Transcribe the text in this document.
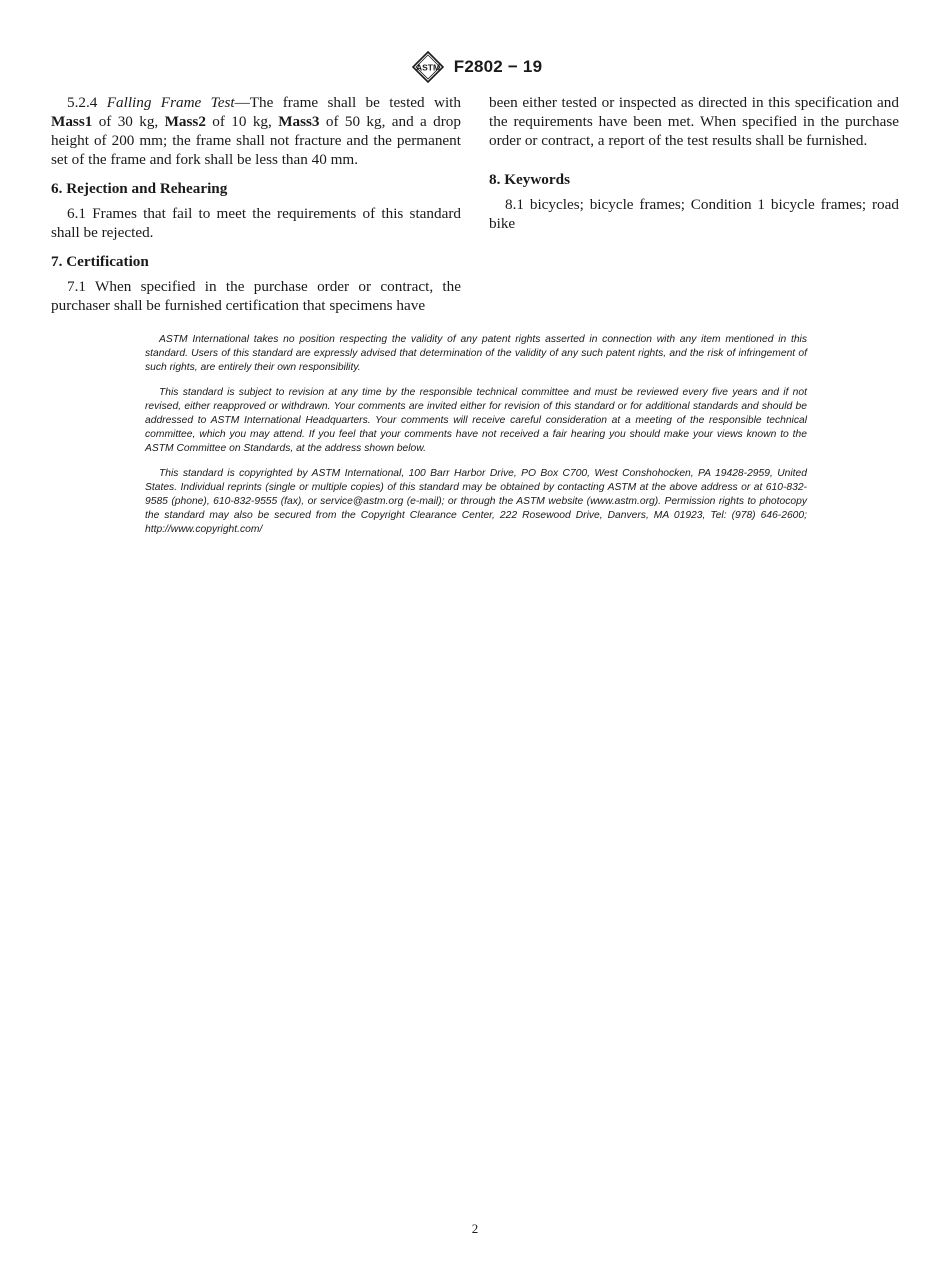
ASTM F2802 − 19

5.2.4 Falling Frame Test—The frame shall be tested with Mass1 of 30 kg, Mass2 of 10 kg, Mass3 of 50 kg, and a drop height of 200 mm; the frame shall not fracture and the permanent set of the frame and fork shall be less than 40 mm.

6. Rejection and Rehearing

6.1 Frames that fail to meet the requirements of this standard shall be rejected.

7. Certification

7.1 When specified in the purchase order or contract, the purchaser shall be furnished certification that specimens have

been either tested or inspected as directed in this specification and the requirements have been met. When specified in the purchase order or contract, a report of the test results shall be furnished.

8. Keywords

8.1 bicycles; bicycle frames; Condition 1 bicycle frames; road bike

ASTM International takes no position respecting the validity of any patent rights asserted in connection with any item mentioned in this standard. Users of this standard are expressly advised that determination of the validity of any such patent rights, and the risk of infringement of such rights, are entirely their own responsibility.

This standard is subject to revision at any time by the responsible technical committee and must be reviewed every five years and if not revised, either reapproved or withdrawn. Your comments are invited either for revision of this standard or for additional standards and should be addressed to ASTM International Headquarters. Your comments will receive careful consideration at a meeting of the responsible technical committee, which you may attend. If you feel that your comments have not received a fair hearing you should make your views known to the ASTM Committee on Standards, at the address shown below.

This standard is copyrighted by ASTM International, 100 Barr Harbor Drive, PO Box C700, West Conshohocken, PA 19428-2959, United States. Individual reprints (single or multiple copies) of this standard may be obtained by contacting ASTM at the above address or at 610-832-9585 (phone), 610-832-9555 (fax), or service@astm.org (e-mail); or through the ASTM website (www.astm.org). Permission rights to photocopy the standard may also be secured from the Copyright Clearance Center, 222 Rosewood Drive, Danvers, MA 01923, Tel: (978) 646-2600; http://www.copyright.com/

2
